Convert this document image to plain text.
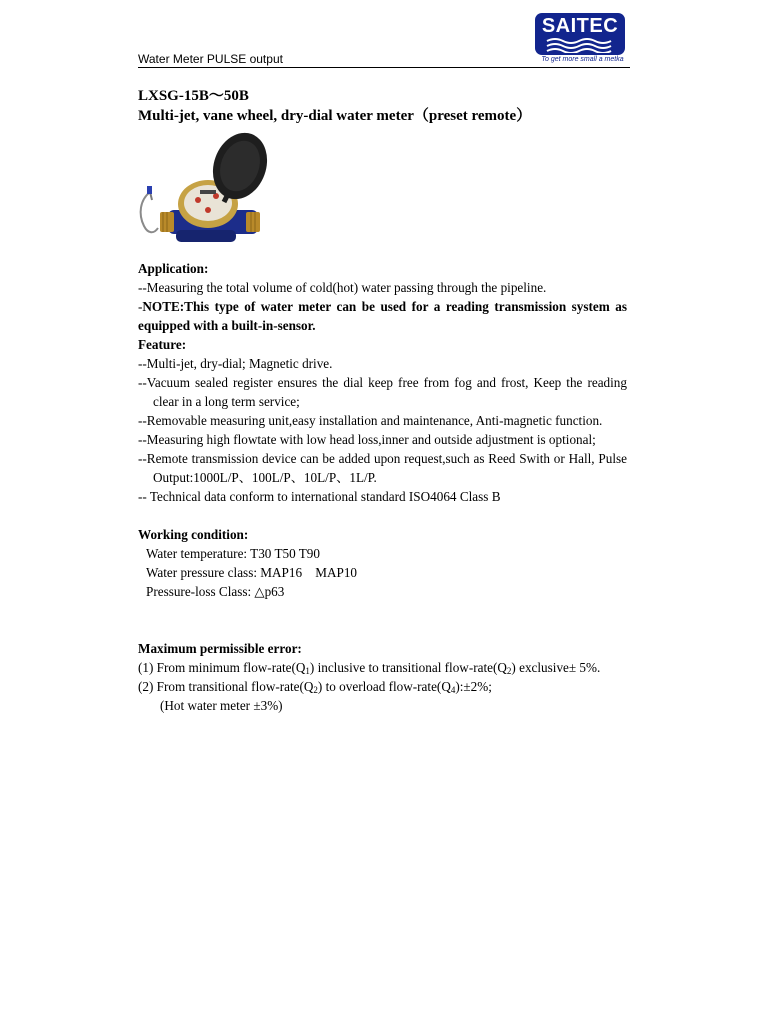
Water Meter PULSE output
SAITEC
To get more small a metka
LXSG-15B～50B
Multi-jet, vane wheel, dry-dial water meter（preset remote）

Application:

--Measuring the total volume of cold(hot) water passing through the pipeline.

-NOTE:This type of water meter can be used for a reading transmission system as equipped with a built-in-sensor.

Feature:

--Multi-jet, dry-dial; Magnetic drive.

--Vacuum sealed register ensures the dial keep free from fog and frost, Keep the reading clear in a long term service;

--Removable measuring unit,easy installation and maintenance, Anti-magnetic function.

--Measuring high flowtate with low head loss,inner and outside adjustment is optional;

--Remote transmission device can be added upon request,such as Reed Swith or Hall, Pulse Output:1000L/P、100L/P、10L/P、1L/P.

-- Technical data conform to international standard ISO4064 Class B

Working condition:

Water temperature: T30 T50 T90

Water pressure class: MAP16    MAP10

Pressure-loss Class: △p63

Maximum permissible error:

(1) From minimum flow-$rate(Q_1)$ inclusive to transitional flow-$rate(Q_2)$ exclusive± 5%.

(2) From transitional flow-$rate(Q_2)$ to overload flow-$rate(Q_4):\pm 2\%$;

(Hot water meter ±3%)
